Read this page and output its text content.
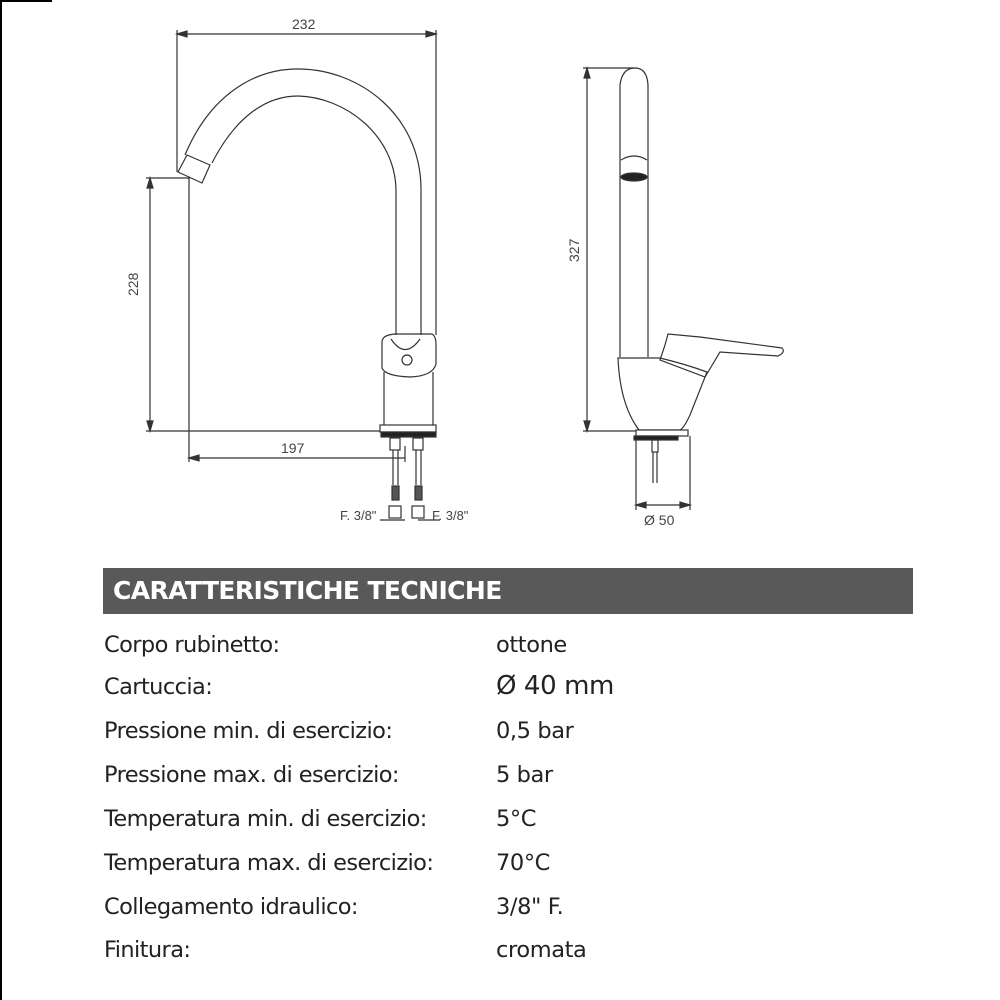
232
228
197
F. 3/8"	F. 3/8"
327
Ø 50
CARATTERISTICHE TECNICHE
Corpo rubinetto:	ottone
Cartuccia:	Ø 40 mm
Pressione min. di esercizio:	0,5 bar
Pressione max. di esercizio:	5 bar
Temperatura min. di esercizio:	5°C
Temperatura max. di esercizio:	70°C
Collegamento idraulico:	3/8" F.
Finitura:	cromata
